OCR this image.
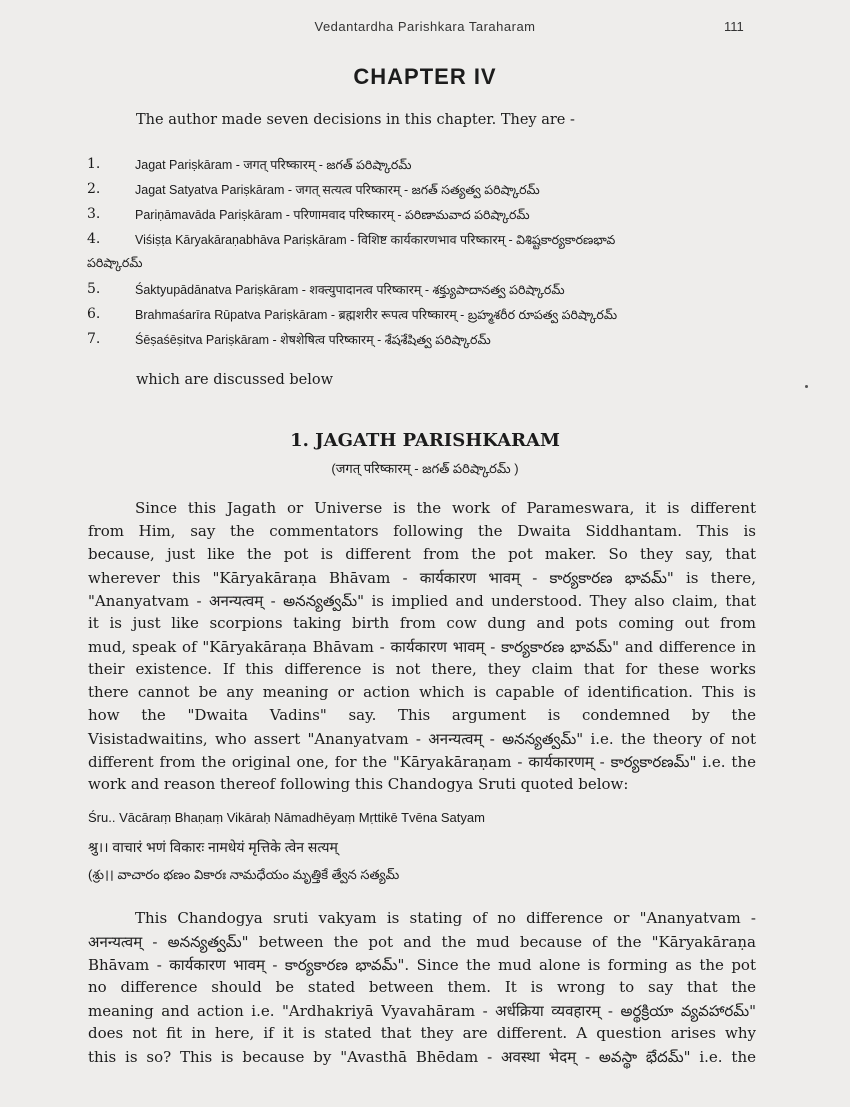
Vedantardha Parishkara Taraharam	111
CHAPTER IV
The author made seven decisions in this chapter. They are -
1.	Jagat Pariṣkāram - जगत् परिष्कारम् - జగత్ పరిష్కారమ్
2.	Jagat Satyatva Pariṣkāram - जगत् सत्यत्व परिष्कारम् - జగత్ సత్యత్వ పరిష్కారమ్
3.	Pariṇāmavāda Pariṣkāram - परिणामवाद परिष्कारम् - పరిణామవాద పరిష్కారమ్
4.	Viśiṣṭa Kāryakāraṇabhāva Pariṣkāram - विशिष्ट कार्यकारणभाव परिष्कारम् - విశిష్టకార్యకారణభావ
పరిష్కారమ్
5.	Śaktyupādānatva Pariṣkāram - शक्त्युपादानत्व परिष्कारम् - శక్త్యుపాదానత్వ పరిష్కారమ్
6.	Brahmaśarīra Rūpatva Pariṣkāram - ब्रह्मशरीर रूपत्व परिष्कारम् - బ్రహ్మశరీర రూపత్వ పరిష్కారమ్
7.	Śēṣaśēṣitva Pariṣkāram - शेषशेषित्व परिष्कारम् - శేషశేషిత్వ పరిష్కారమ్
which are discussed below
1. JAGATH PARISHKARAM
(जगत् परिष्कारम् - జగత్ పరిష్కారమ్ )
Since this Jagath or Universe is the work of Parameswara, it is different
from Him, say the commentators following the Dwaita Siddhantam. This is
because, just like the pot is different from the pot maker. So they say, that
wherever this "Kāryakāraṇa Bhāvam - कार्यकारण भावम् - కార్యకారణ భావమ్" is there,
"Ananyatvam - अनन्यत्वम् - అనన్యత్వమ్" is implied and understood. They also claim, that
it is just like scorpions taking birth from cow dung and pots coming out from
mud, speak of "Kāryakāraṇa Bhāvam - कार्यकारण भावम् - కార్యకారణ భావమ్" and difference in
their existence. If this difference is not there, they claim that for these works
there cannot be any meaning or action which is capable of identification. This is
how the "Dwaita Vadins" say. This argument is condemned by the
Visistadwaitins, who assert "Ananyatvam - अनन्यत्वम् - అనన్యత్వమ్" i.e. the theory of not
different from the original one, for the "Kāryakāraṇam - कार्यकारणम् - కార్యకారణమ్" i.e. the
work and reason thereof following this Chandogya Sruti quoted below:
Śru.. Vācāraṃ Bhaṇaṃ Vikāraḥ Nāmadhēyaṃ Mṛttikē Tvēna Satyam
श्रु।। वाचारं भणं विकारः नामधेयं मृत्तिके त्वेन सत्यम्
(శ్రు।। వాచారం భణం వికారః నామధేయం మృత్తికే త్వేన సత్యమ్
This Chandogya sruti vakyam is stating of no difference or "Ananyatvam -
अनन्यत्वम् - అనన్యత్వమ్" between the pot and the mud because of the "Kāryakāraṇa
Bhāvam - कार्यकारण भावम् - కార్యకారణ భావమ్". Since the mud alone is forming as the pot
no difference should be stated between them. It is wrong to say that the
meaning and action i.e. "Ardhakriyā Vyavahāram - अर्धक्रिया व्यवहारम् - అర్థక్రియా వ్యవహారమ్"
does not fit in here, if it is stated that they are different. A question arises why
this is so? This is because by "Avasthā Bhēdam - अवस्था भेदम् - అవస్థా భేదమ్" i.e. the
